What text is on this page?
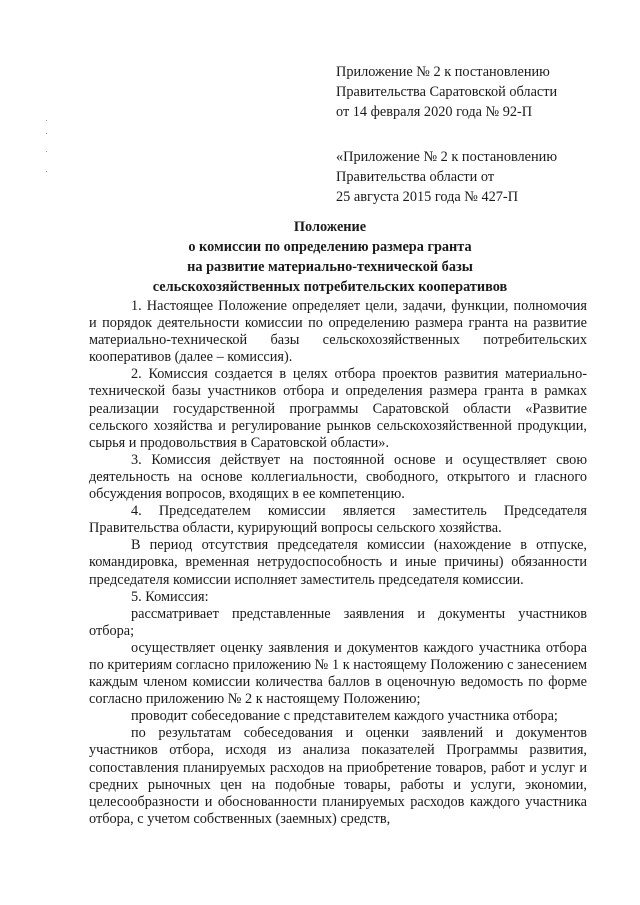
Приложение № 2 к постановлению
Правительства Саратовской области
от 14 февраля 2020 года № 92-П
«Приложение № 2 к постановлению
Правительства области от
25 августа 2015 года № 427-П
Положение
о комиссии по определению размера гранта
на развитие материально-технической базы
сельскохозяйственных потребительских кооперативов

1. Настоящее Положение определяет цели, задачи, функции, полномочия и порядок деятельности комиссии по определению размера гранта на развитие материально-технической базы сельскохозяйственных потребительских кооперативов (далее – комиссия).

2. Комиссия создается в целях отбора проектов развития материально-технической базы участников отбора и определения размера гранта в рамках реализации государственной программы Саратовской области «Развитие сельского хозяйства и регулирование рынков сельскохозяйственной продукции, сырья и продовольствия в Саратовской области».

3. Комиссия действует на постоянной основе и осуществляет свою деятельность на основе коллегиальности, свободного, открытого и гласного обсуждения вопросов, входящих в ее компетенцию.

4. Председателем комиссии является заместитель Председателя Правительства области, курирующий вопросы сельского хозяйства.

В период отсутствия председателя комиссии (нахождение в отпуске, командировка, временная нетрудоспособность и иные причины) обязанности председателя комиссии исполняет заместитель председателя комиссии.

5. Комиссия:

рассматривает представленные заявления и документы участников отбора;

осуществляет оценку заявления и документов каждого участника отбора по критериям согласно приложению № 1 к настоящему Положению с занесением каждым членом комиссии количества баллов в оценочную ведомость по форме согласно приложению № 2 к настоящему Положению;

проводит собеседование с представителем каждого участника отбора;

по результатам собеседования и оценки заявлений и документов участников отбора, исходя из анализа показателей Программы развития, сопоставления планируемых расходов на приобретение товаров, работ и услуг и средних рыночных цен на подобные товары, работы и услуги, экономии, целесообразности и обоснованности планируемых расходов каждого участника отбора, с учетом собственных (заемных) средств,
